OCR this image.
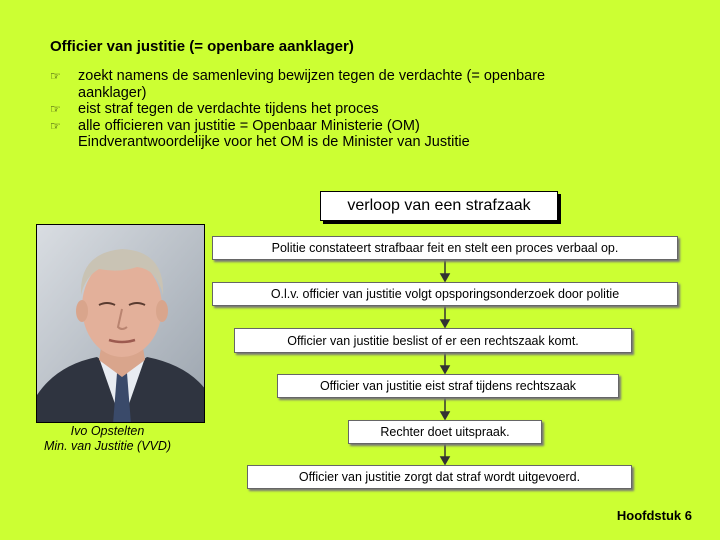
Officier van justitie (= openbare aanklager)
☞	zoekt namens de samenleving bewijzen tegen de verdachte (= openbare
aanklager)
☞	eist straf tegen de verdachte tijdens het proces
☞	alle officieren van justitie = Openbaar Ministerie (OM)
Eindverantwoordelijke voor het OM is de Minister van Justitie
verloop van een strafzaak
Politie constateert strafbaar feit en stelt een proces verbaal op.
O.l.v. officier van justitie volgt opsporingsonderzoek door politie
Officier van justitie beslist of er een rechtszaak komt.
Officier van justitie eist straf tijdens rechtszaak
Rechter doet uitspraak.
Officier van justitie zorgt dat straf wordt uitgevoerd.
Ivo Opstelten
Min. van Justitie (VVD)
Hoofdstuk 6
